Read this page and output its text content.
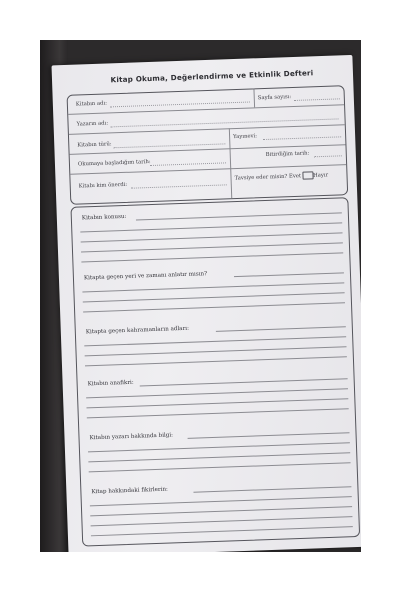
Kitap Okuma, Değerlendirme ve Etkinlik Defteri
Kitabın adı:
Sayfa sayısı:
Yazarın adı:
Kitabın türü:
Yayınevi:
Okumaya başladığım tarih:
Bitirdiğim tarih:
Kitabı kim önerdi:
Tavsiye eder misin? Evet Hayır
Kitabın konusu:
Kitapta geçen yeri ve zamanı anlatır mısın?
Kitapta geçen kahramanların adları:
Kitabın anafikri:
Kitabın yazarı hakkında bilgi:
Kitap hakkındaki fikirlerin:
